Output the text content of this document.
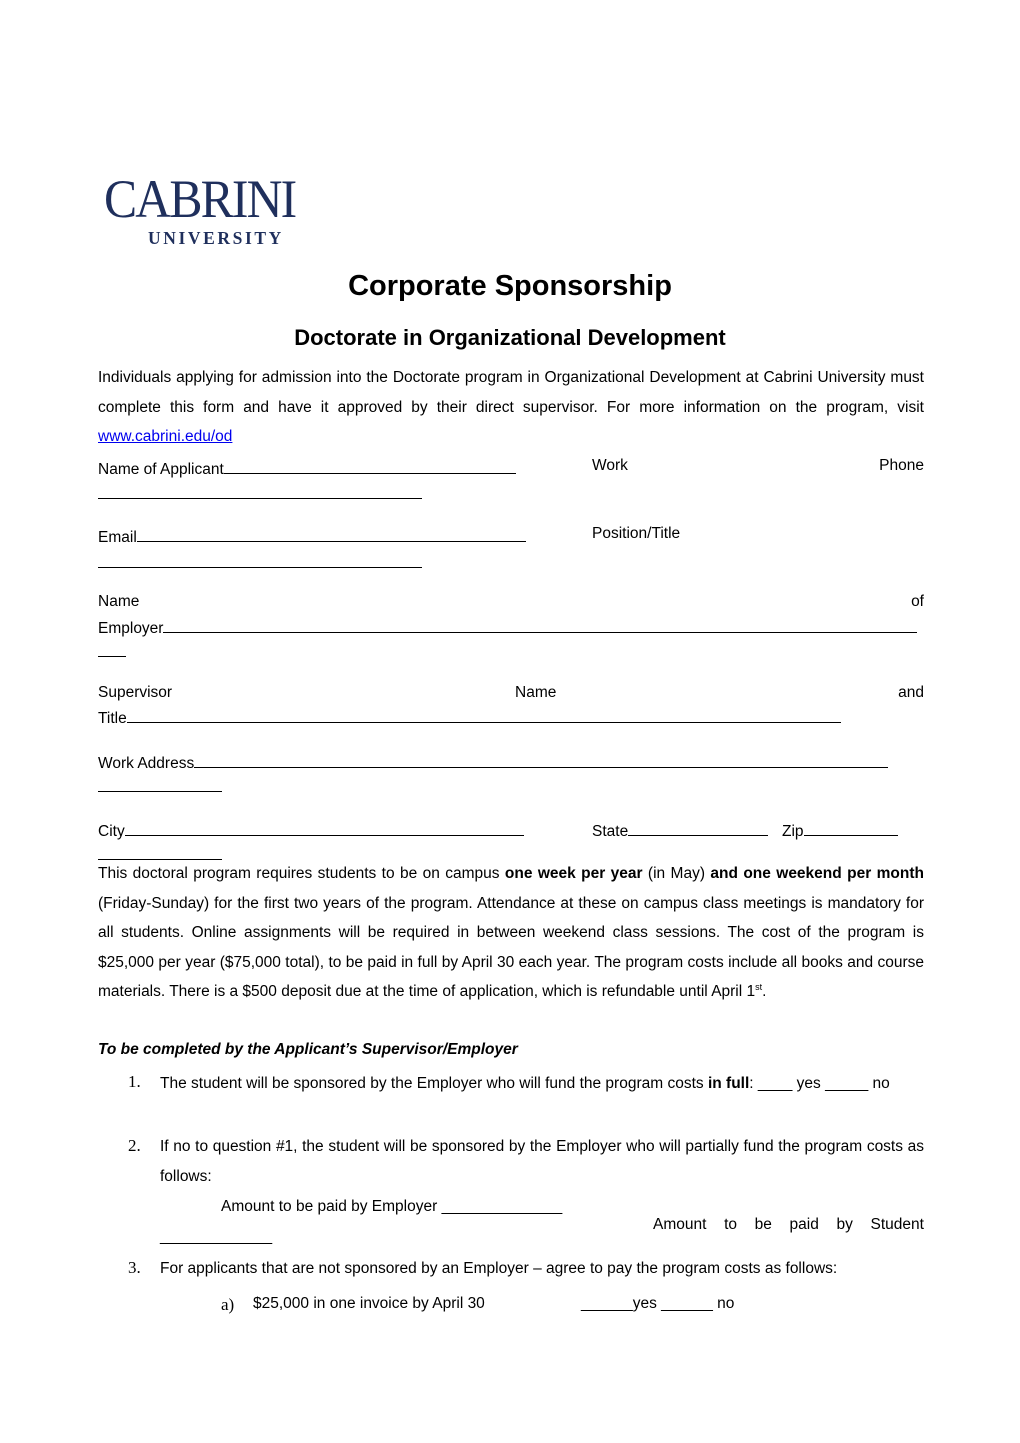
CABRINI
UNIVERSITY
Corporate Sponsorship
Doctorate in Organizational Development
Individuals applying for admission into the Doctorate program in Organizational Development at Cabrini University must complete this form and have it approved by their direct supervisor. For more information on the program, visit www.cabrini.edu/od
Name of Applicant	Work	Phone
Email	Position/Title
Name	of
Employer
Supervisor	Name	and
Title
Work Address
City	State	Zip
This doctoral program requires students to be on campus one week per year (in May) and one weekend per month (Friday-Sunday) for the first two years of the program. Attendance at these on campus class meetings is mandatory for all students. Online assignments will be required in between weekend class sessions. The cost of the program is $25,000 per year ($75,000 total), to be paid in full by April 30 each year. The program costs include all books and course materials. There is a $500 deposit due at the time of application, which is refundable until April 1st.
To be completed by the Applicant’s Supervisor/Employer
1. The student will be sponsored by the Employer who will fund the program costs in full: ____ yes _____ no
2. If no to question #1, the student will be sponsored by the Employer who will partially fund the program costs as follows:
Amount to be paid by Employer ______________
Amount to be paid by Student
_____________
3. For applicants that are not sponsored by an Employer – agree to pay the program costs as follows:
a) $25,000 in one invoice by April 30	______yes ______ no
